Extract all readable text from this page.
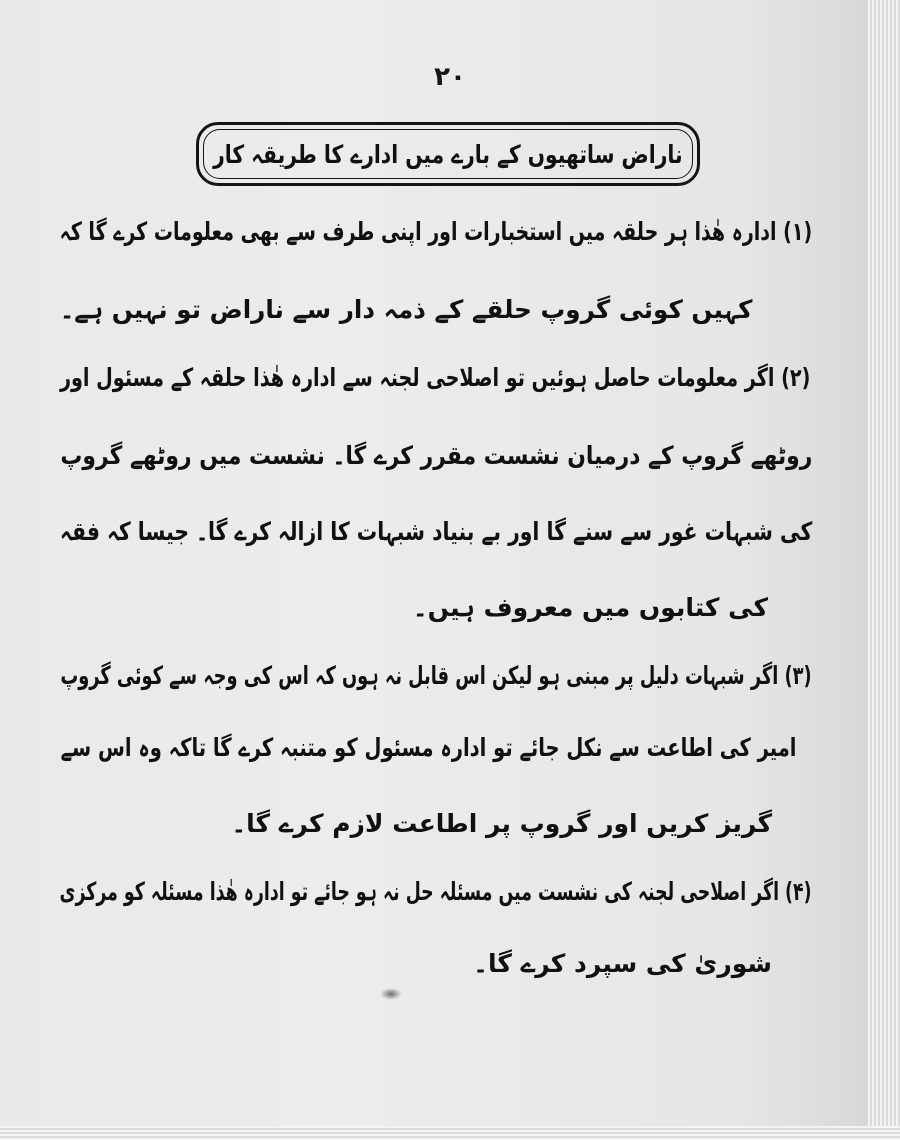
۲۰
ناراض ساتھیوں کے بارے میں ادارے کا طریقہ کار
(۱) ادارہ ھٰذا ہر حلقہ میں استخبارات اور اپنی طرف سے بھی معلومات کرے گا کہ
کہیں کوئی گروپ حلقے کے ذمہ دار سے ناراض تو نہیں ہے۔
(۲) اگر معلومات حاصل ہوئیں تو اصلاحی لجنہ سے ادارہ ھٰذا حلقہ کے مسئول اور
روٹھے گروپ کے درمیان نشست مقرر کرے گا۔ نشست میں روٹھے گروپ
کی شبہات غور سے سنے گا اور بے بنیاد شبہات کا ازالہ کرے گا۔ جیسا کہ فقہ
کی کتابوں میں معروف ہیں۔
(۳) اگر شبہات دلیل پر مبنی ہو لیکن اس قابل نہ ہوں کہ اس کی وجہ سے کوئی گروپ
امیر کی اطاعت سے نکل جائے تو ادارہ مسئول کو متنبہ کرے گا تاکہ وہ اس سے
گریز کریں اور گروپ پر اطاعت لازم کرے گا۔
(۴) اگر اصلاحی لجنہ کی نشست میں مسئلہ حل نہ ہو جائے تو ادارہ ھٰذا مسئلہ کو مرکزی
شوریٰ کی سپرد کرے گا۔
